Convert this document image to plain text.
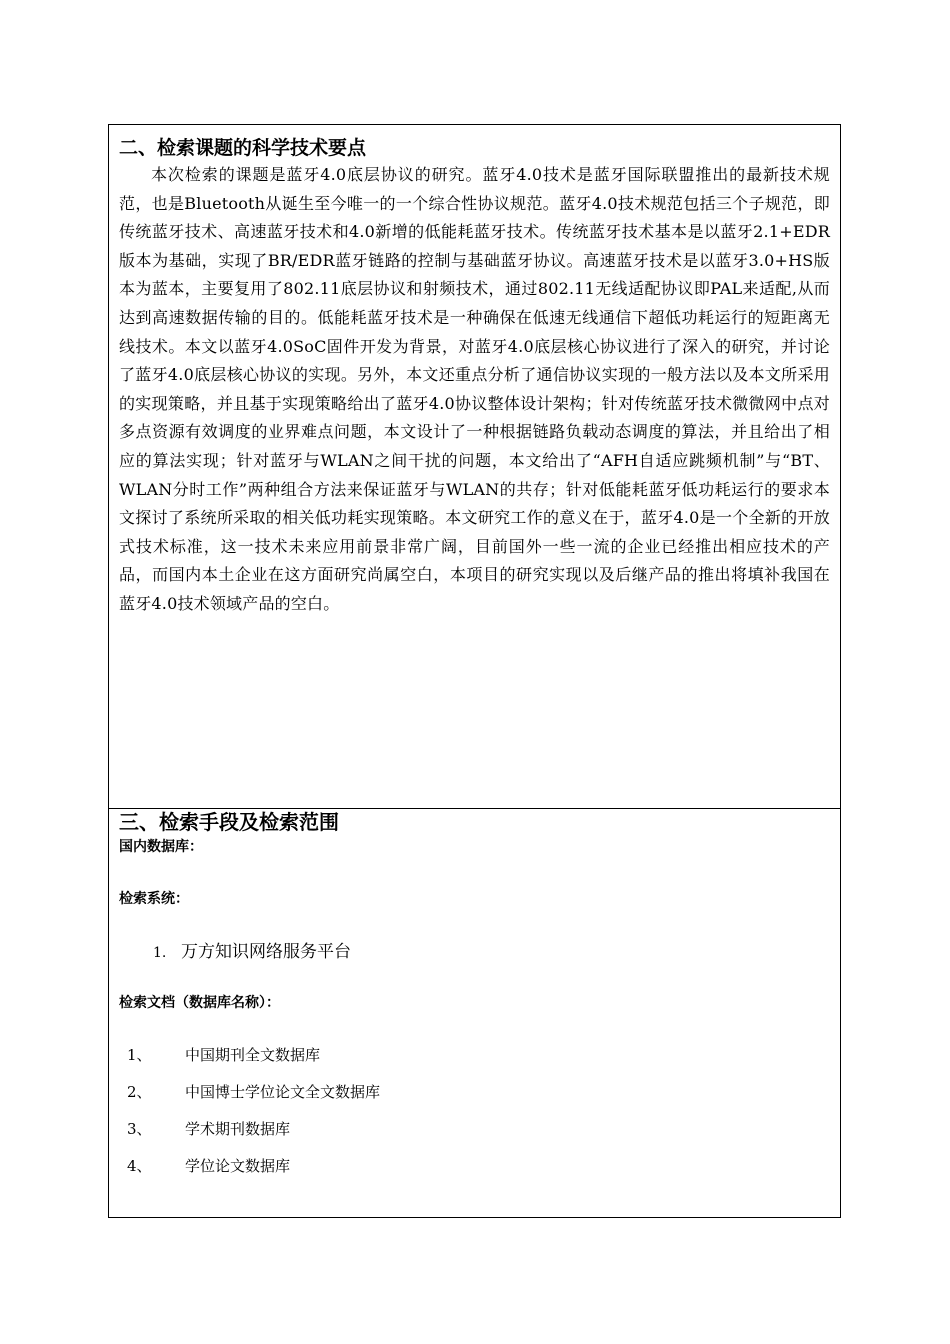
二、检索课题的科学技术要点

本次检索的课题是蓝牙4.0底层协议的研究。蓝牙4.0技术是蓝牙国际联盟推出的最新技术规范，也是Bluetooth从诞生至今唯一的一个综合性协议规范。蓝牙4.0技术规范包括三个子规范，即传统蓝牙技术、高速蓝牙技术和4.0新增的低能耗蓝牙技术。传统蓝牙技术基本是以蓝牙2.1+EDR版本为基础，实现了BR/EDR蓝牙链路的控制与基础蓝牙协议。高速蓝牙技术是以蓝牙3.0+HS版本为蓝本，主要复用了802.11底层协议和射频技术，通过802.11无线适配协议即PAL来适配,从而达到高速数据传输的目的。低能耗蓝牙技术是一种确保在低速无线通信下超低功耗运行的短距离无线技术。本文以蓝牙4.0SoC固件开发为背景，对蓝牙4.0底层核心协议进行了深入的研究，并讨论了蓝牙4.0底层核心协议的实现。另外，本文还重点分析了通信协议实现的一般方法以及本文所采用的实现策略，并且基于实现策略给出了蓝牙4.0协议整体设计架构；针对传统蓝牙技术微微网中点对多点资源有效调度的业界难点问题，本文设计了一种根据链路负载动态调度的算法，并且给出了相应的算法实现；针对蓝牙与WLAN之间干扰的问题，本文给出了“AFH自适应跳频机制”与“BT、WLAN分时工作”两种组合方法来保证蓝牙与WLAN的共存；针对低能耗蓝牙低功耗运行的要求本文探讨了系统所采取的相关低功耗实现策略。本文研究工作的意义在于，蓝牙4.0是一个全新的开放式技术标准，这一技术未来应用前景非常广阔，目前国外一些一流的企业已经推出相应技术的产品，而国内本土企业在这方面研究尚属空白，本项目的研究实现以及后继产品的推出将填补我国在蓝牙4.0技术领域产品的空白。

三、检索手段及检索范围

国内数据库：

检索系统：

1. 万方知识网络服务平台

检索文档（数据库名称）：

1、 中国期刊全文数据库
2、 中国博士学位论文全文数据库
3、 学术期刊数据库
4、 学位论文数据库
